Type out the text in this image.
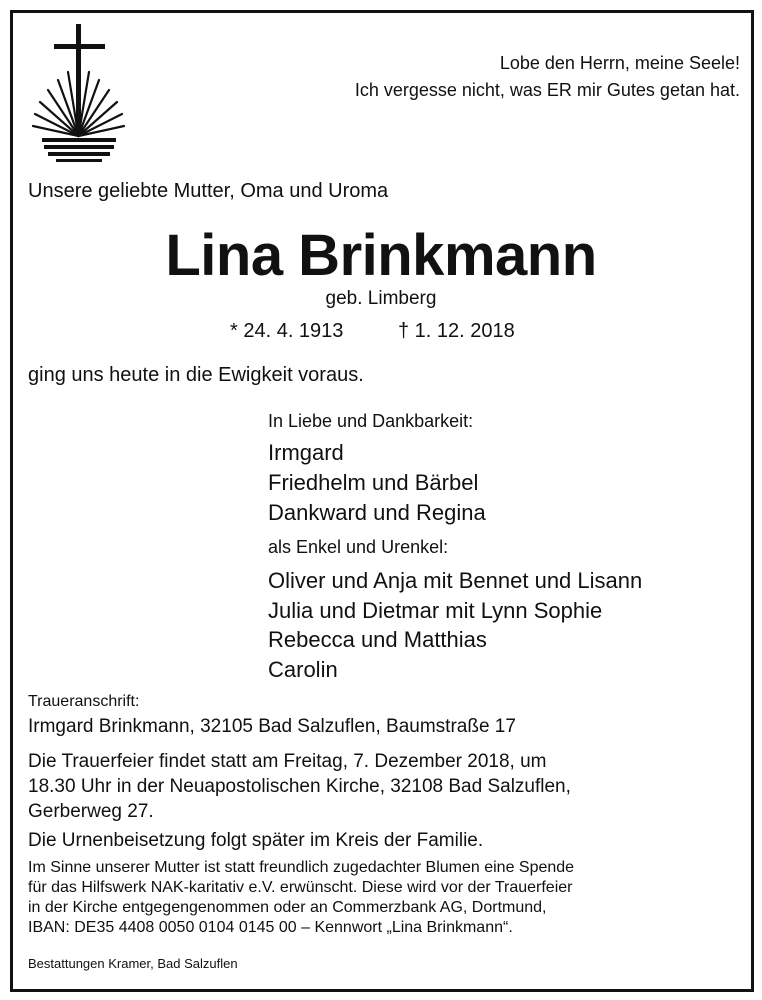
Lobe den Herrn, meine Seele!
Ich vergesse nicht, was ER mir Gutes getan hat.
Unsere geliebte Mutter, Oma und Uroma
Lina Brinkmann
geb. Limberg
* 24. 4. 1913	† 1. 12. 2018
ging uns heute in die Ewigkeit voraus.
In Liebe und Dankbarkeit:
Irmgard
Friedhelm und Bärbel
Dankward und Regina
als Enkel und Urenkel:
Oliver und Anja mit Bennet und Lisann
Julia und Dietmar mit Lynn Sophie
Rebecca und Matthias
Carolin
Traueranschrift:
Irmgard Brinkmann, 32105 Bad Salzuflen, Baumstraße 17
Die Trauerfeier findet statt am Freitag, 7. Dezember 2018, um
18.30 Uhr in der Neuapostolischen Kirche, 32108 Bad Salzuflen,
Gerberweg 27.
Die Urnenbeisetzung folgt später im Kreis der Familie.
Im Sinne unserer Mutter ist statt freundlich zugedachter Blumen eine Spende
für das Hilfswerk NAK-karitativ e.V. erwünscht. Diese wird vor der Trauerfeier
in der Kirche entgegengenommen oder an Commerzbank AG, Dortmund,
IBAN: DE35 4408 0050 0104 0145 00 – Kennwort „Lina Brinkmann“.
Bestattungen Kramer, Bad Salzuflen
